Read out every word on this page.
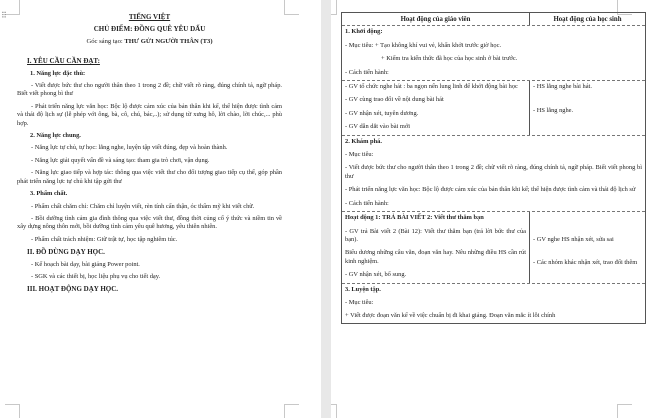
⠿	TIẾNG VIỆT
CHỦ ĐIỂM: ĐỒNG QUÊ YÊU DẤU
Góc sáng tạo: THƯ GỬI NGƯỜI THÂN (T3)
I. YÊU CẦU CẦN ĐẠT:
1. Năng lực đặc thù:
- Viết được bức thư cho người thân theo 1 trong 2 đề; chữ viết rõ ràng, đúng chính tả, ngữ pháp. Biết viết phong bì thư
- Phát triển năng lực văn học: Bộc lộ được cảm xúc của bản thân khi kể, thể hiện được tình cảm và thái độ lịch sự (lễ phép với ông, bà, cô, chú, bác,..); sử dụng từ xưng hô, lời chào, lời chúc,... phù hợp.
2. Năng lực chung.
- Năng lực tự chủ, tự học: lắng nghe, luyện tập viết đúng, đẹp và hoàn thành.
- Năng lực giải quyết vấn đề và sáng tạo: tham gia trò chơi, vận dụng.
- Năng lực giao tiếp và hợp tác: thông qua việc viết thư cho đối tượng giao tiếp cụ thể, góp phần phát triển năng lực tự chủ khi tập gửi thư
3. Phẩm chất.
- Phẩm chất chăm chỉ: Chăm chỉ luyện viết, rèn tính cẩn thận, óc thẩm mỹ khi viết chữ.
- Bồi dưỡng tình cảm gia đình thông qua việc viết thư, đồng thời củng cố ý thức và niềm tin về xây dựng nông thôn mới, bồi dưỡng tình cảm yêu quê hương, yêu thiên nhiên.
- Phẩm chất trách nhiệm: Giữ trật tự, học tập nghiêm túc.
II. ĐỒ DÙNG DẠY HỌC.
- Kế hoạch bài dạy, bài giảng Power point.
- SGK và các thiết bị, học liệu phụ vụ cho tiết dạy.
III. HOẠT ĐỘNG DẠY HỌC.
Hoạt động của giáo viên	Hoạt động của học sinh
1. Khởi động:
- Mục tiêu: + Tạo không khí vui vẻ, khấn khởi trước giờ học.
+ Kiểm tra kiến thức đã học của học sinh ở bài trước.
- Cách tiến hành:
- GV tổ chức nghe hát : ba ngọn nến lung linh để khởi động bài học
- GV cùng trao đổi về nội dung bài hát
- GV nhận xét, tuyên dương.
- GV dẫn dắt vào bài mới
- HS lắng nghe bài hát.
- HS lắng nghe.
2. Khám phá.
- Mục tiêu:
- Viết được bức thư cho người thân theo 1 trong 2 đề; chữ viết rõ ràng, đúng chính tả, ngữ pháp. Biết viết phong bì thư
- Phát triển năng lực văn học: Bộc lộ được cảm xúc của bản thân khi kể; thể hiện được tình cảm và thái độ lịch sử
- Cách tiến hành:
Hoạt động 1: TRẢ BÀI VIẾT 2: Viết thư thăm bạn
- GV trả Bài viết 2 (Bài 12): Viết thư thăm bạn (trả lời bức thư của bạn).
Biểu dương những câu văn, đoạn văn hay. Nêu những điều HS cần rút kinh nghiệm.
- GV nhận xét, bổ sung.
- GV nghe HS nhận xét, sửa sai
- Các nhóm khác nhận xét, trao đổi thêm
3. Luyện tập.
- Mục tiêu:
+ Viết được đoạn văn kể về việc chuẩn bị đi khai giảng. Đoạn văn mắc ít lỗi chính
